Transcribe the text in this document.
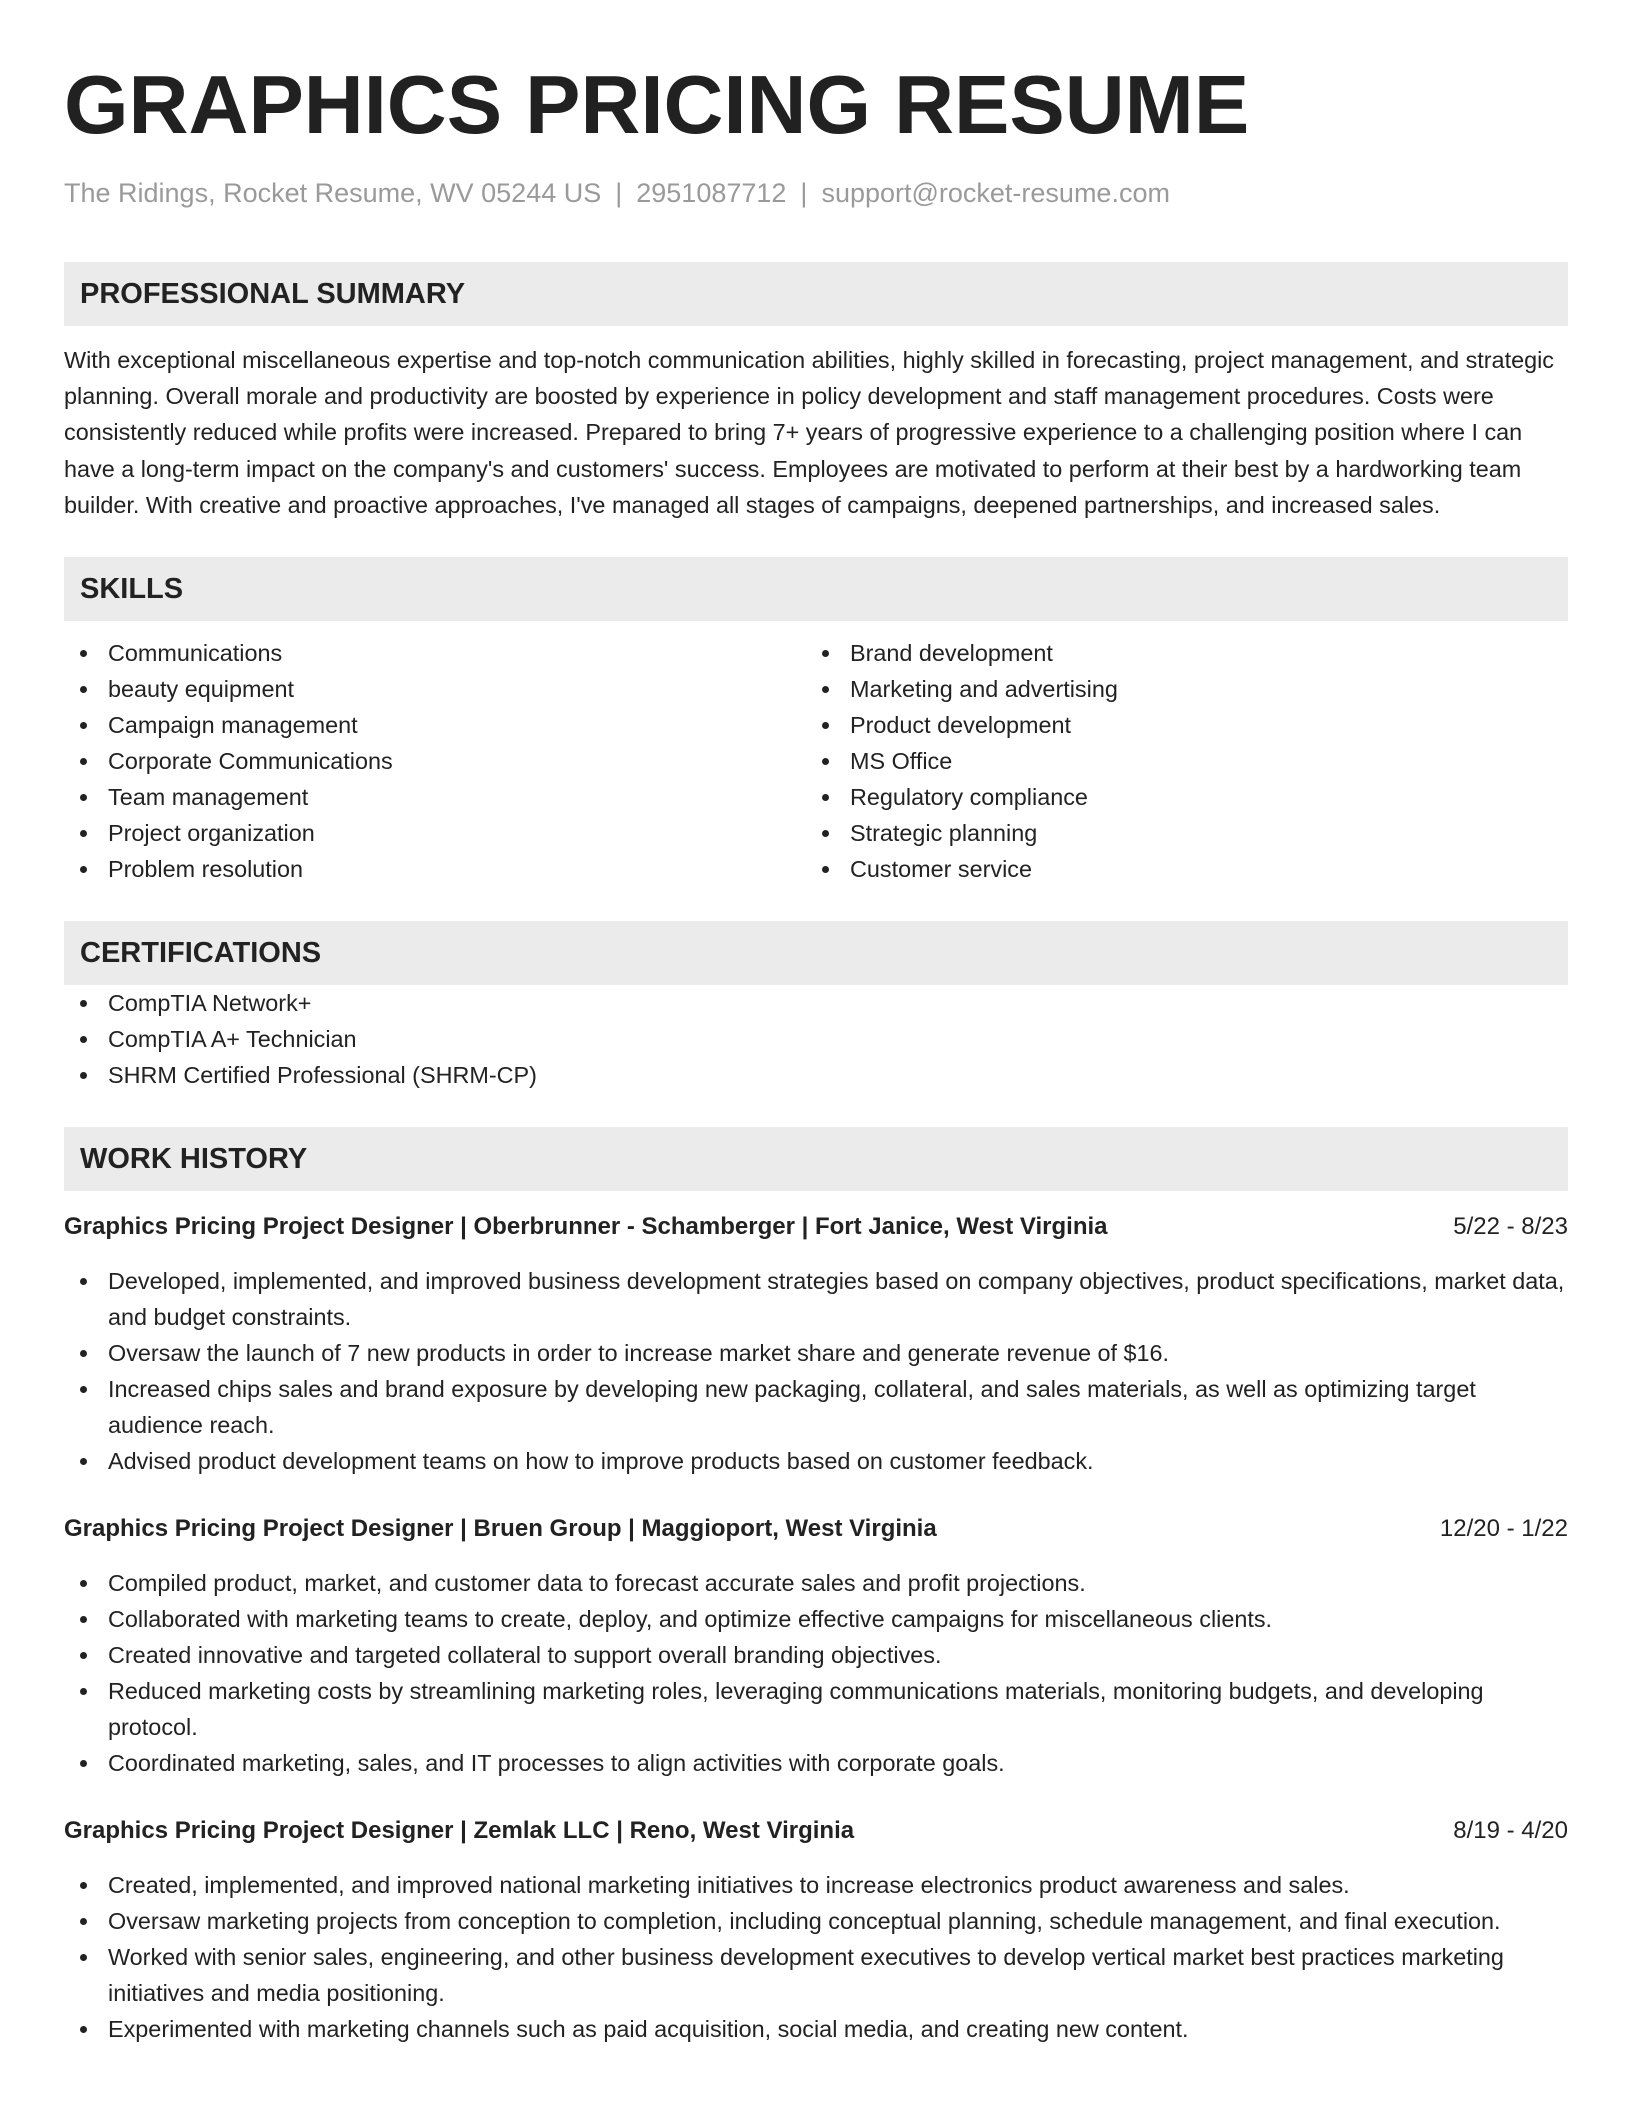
GRAPHICS PRICING RESUME
The Ridings, Rocket Resume, WV 05244 US | 2951087712 | support@rocket-resume.com
PROFESSIONAL SUMMARY
With exceptional miscellaneous expertise and top-notch communication abilities, highly skilled in forecasting, project management, and strategic planning. Overall morale and productivity are boosted by experience in policy development and staff management procedures. Costs were consistently reduced while profits were increased. Prepared to bring 7+ years of progressive experience to a challenging position where I can have a long-term impact on the company's and customers' success. Employees are motivated to perform at their best by a hardworking team builder. With creative and proactive approaches, I've managed all stages of campaigns, deepened partnerships, and increased sales.
SKILLS
Communications
beauty equipment
Campaign management
Corporate Communications
Team management
Project organization
Problem resolution
Brand development
Marketing and advertising
Product development
MS Office
Regulatory compliance
Strategic planning
Customer service
CERTIFICATIONS
CompTIA Network+
CompTIA A+ Technician
SHRM Certified Professional (SHRM-CP)
WORK HISTORY
Graphics Pricing Project Designer | Oberbrunner - Schamberger | Fort Janice, West Virginia	5/22 - 8/23
Developed, implemented, and improved business development strategies based on company objectives, product specifications, market data, and budget constraints.
Oversaw the launch of 7 new products in order to increase market share and generate revenue of $16.
Increased chips sales and brand exposure by developing new packaging, collateral, and sales materials, as well as optimizing target audience reach.
Advised product development teams on how to improve products based on customer feedback.
Graphics Pricing Project Designer | Bruen Group | Maggioport, West Virginia	12/20 - 1/22
Compiled product, market, and customer data to forecast accurate sales and profit projections.
Collaborated with marketing teams to create, deploy, and optimize effective campaigns for miscellaneous clients.
Created innovative and targeted collateral to support overall branding objectives.
Reduced marketing costs by streamlining marketing roles, leveraging communications materials, monitoring budgets, and developing protocol.
Coordinated marketing, sales, and IT processes to align activities with corporate goals.
Graphics Pricing Project Designer | Zemlak LLC | Reno, West Virginia	8/19 - 4/20
Created, implemented, and improved national marketing initiatives to increase electronics product awareness and sales.
Oversaw marketing projects from conception to completion, including conceptual planning, schedule management, and final execution.
Worked with senior sales, engineering, and other business development executives to develop vertical market best practices marketing initiatives and media positioning.
Experimented with marketing channels such as paid acquisition, social media, and creating new content.
